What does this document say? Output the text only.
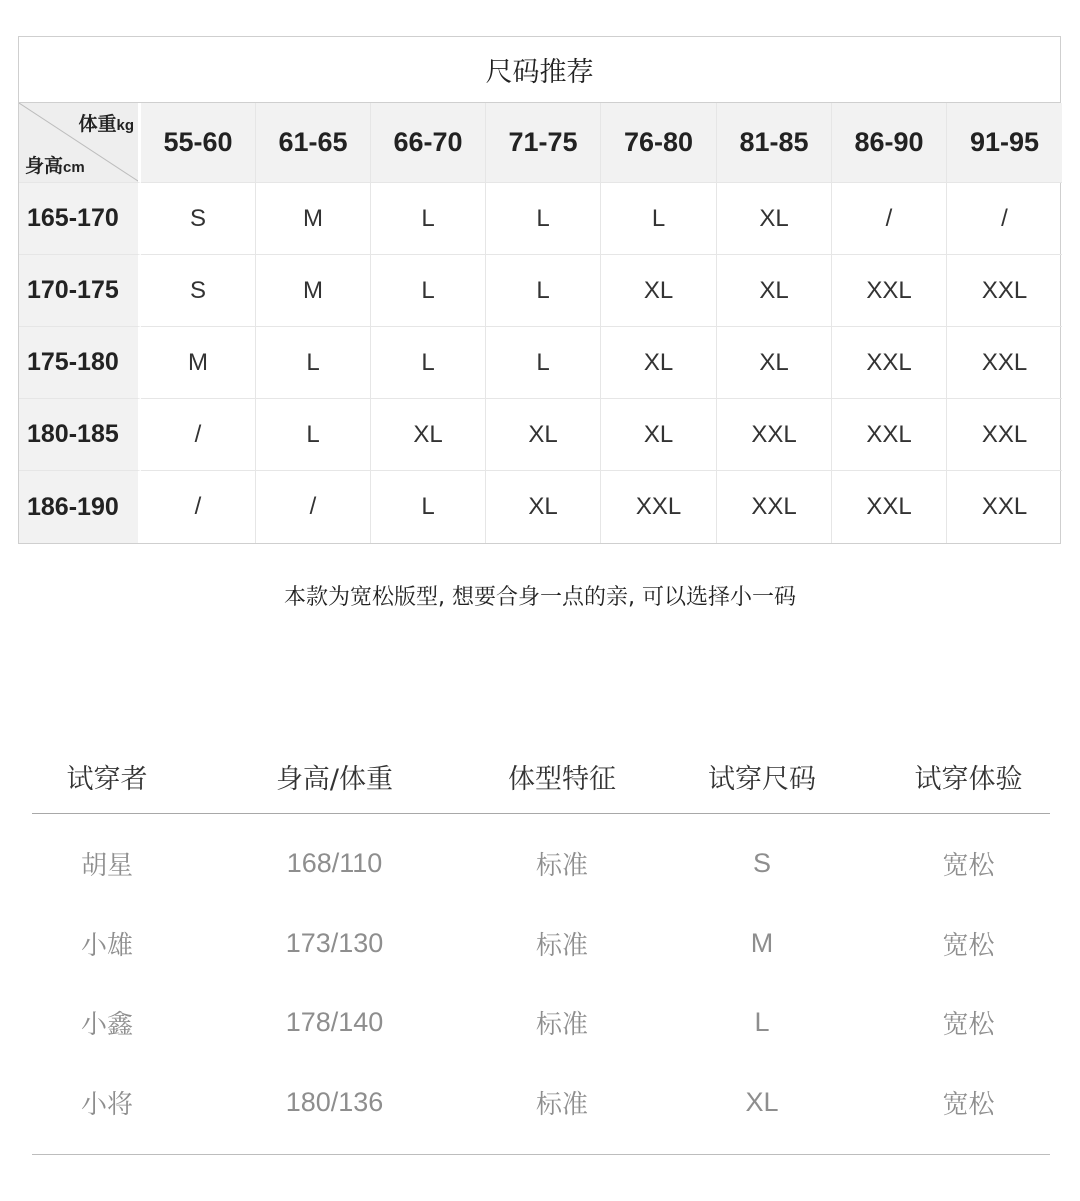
尺码推荐
体重kg
身高cm
55-60	61-65	66-70	71-75	76-80	81-85	86-90	91-95
165-170	S	M	L	L	L	XL	/	/
170-175	S	M	L	L	XL	XL	XXL	XXL
175-180	M	L	L	L	XL	XL	XXL	XXL
180-185	/	L	XL	XL	XL	XXL	XXL	XXL
186-190	/	/	L	XL	XXL	XXL	XXL	XXL
本款为宽松版型, 想要合身一点的亲, 可以选择小一码
试穿者	身高/体重	体型特征	试穿尺码	试穿体验
胡星	168/110	标准	S	宽松
小雄	173/130	标准	M	宽松
小鑫	178/140	标准	L	宽松
小将	180/136	标准	XL	宽松
